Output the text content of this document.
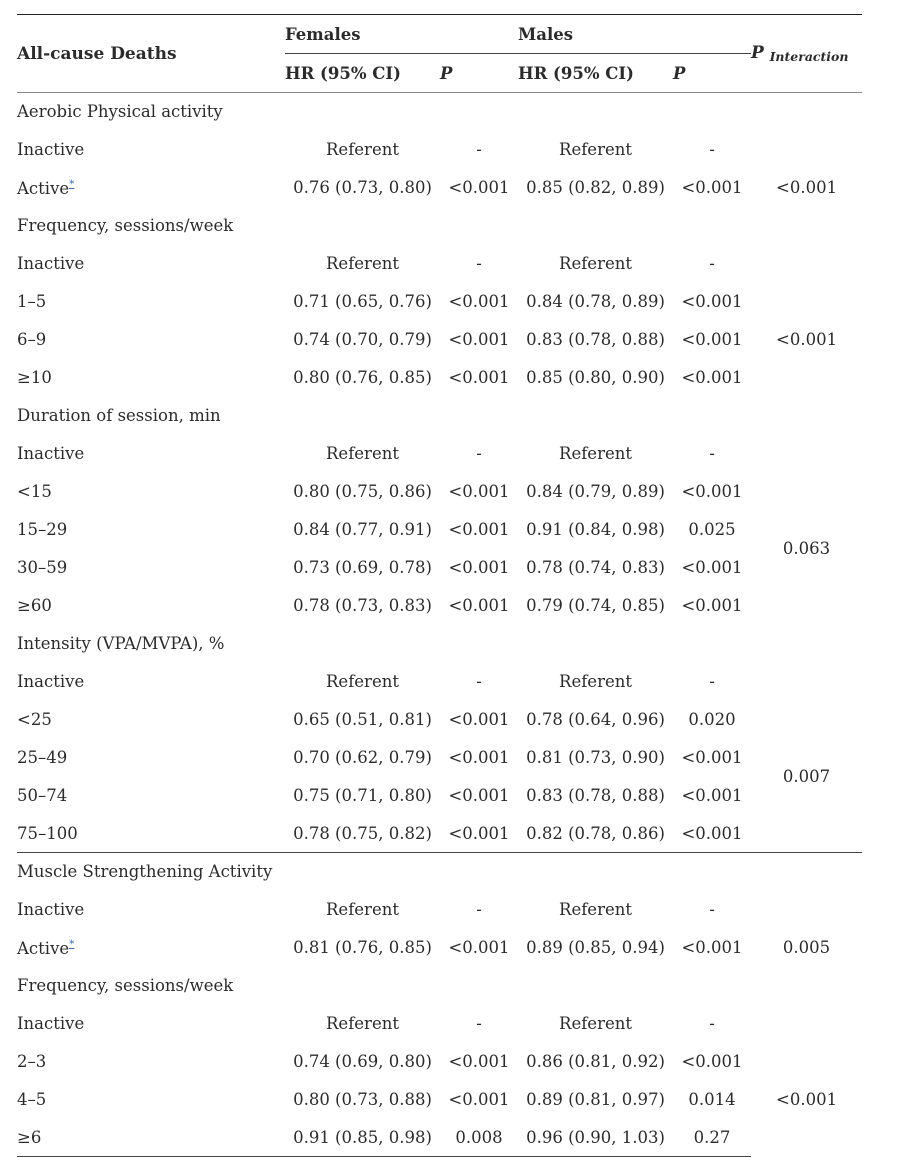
All-cause Deaths	Females		Males		P $_{Interaction}$
	HR (95% CI)	P	HR (95% CI)	P	
Aerobic Physical activity					
Inactive	Referent	-	Referent	-	
Active*	0.76 (0.73, 0.80)	<0.001	0.85 (0.82, 0.89)	<0.001	<0.001
Frequency, sessions/week					
Inactive	Referent	-	Referent	-	
1–5	0.71 (0.65, 0.76)	<0.001	0.84 (0.78, 0.89)	<0.001	<0.001
6–9	0.74 (0.70, 0.79)	<0.001	0.83 (0.78, 0.88)	<0.001	
≥10	0.80 (0.76, 0.85)	<0.001	0.85 (0.80, 0.90)	<0.001	
Duration of session, min					
Inactive	Referent	-	Referent	-	
<15	0.80 (0.75, 0.86)	<0.001	0.84 (0.79, 0.89)	<0.001	0.063
15–29	0.84 (0.77, 0.91)	<0.001	0.91 (0.84, 0.98)	0.025	
30–59	0.73 (0.69, 0.78)	<0.001	0.78 (0.74, 0.83)	<0.001	
≥60	0.78 (0.73, 0.83)	<0.001	0.79 (0.74, 0.85)	<0.001	
Intensity (VPA/MVPA), %					
Inactive	Referent	-	Referent	-	
<25	0.65 (0.51, 0.81)	<0.001	0.78 (0.64, 0.96)	0.020	0.007
25–49	0.70 (0.62, 0.79)	<0.001	0.81 (0.73, 0.90)	<0.001	
50–74	0.75 (0.71, 0.80)	<0.001	0.83 (0.78, 0.88)	<0.001	
75–100	0.78 (0.75, 0.82)	<0.001	0.82 (0.78, 0.86)	<0.001	
Muscle Strengthening Activity					
Inactive	Referent	-	Referent	-	
Active*	0.81 (0.76, 0.85)	<0.001	0.89 (0.85, 0.94)	<0.001	0.005
Frequency, sessions/week					
Inactive	Referent	-	Referent	-	
2–3	0.74 (0.69, 0.80)	<0.001	0.86 (0.81, 0.92)	<0.001	<0.001
4–5	0.80 (0.73, 0.88)	<0.001	0.89 (0.81, 0.97)	0.014	
≥6	0.91 (0.85, 0.98)	0.008	0.96 (0.90, 1.03)	0.27	
